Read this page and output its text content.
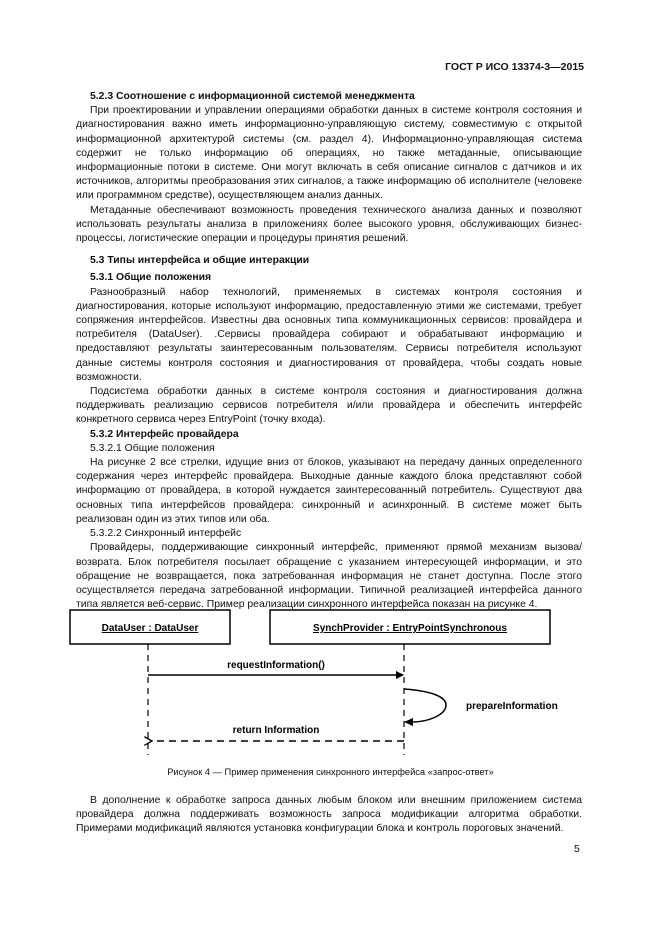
ГОСТ Р ИСО 13374-3—2015
5.2.3 Соотношение с информационной системой менеджмента

При проектировании и управлении операциями обработки данных в системе контроля состояния и диагностирования важно иметь информационно-управляющую систему, совместимую с открытой информационной архитектурой системы (см. раздел 4). Информационно-управляющая система содержит не только информацию об операциях, но также метаданные, описывающие информационные потоки в системе. Они могут включать в себя описание сигналов с датчиков и их источников, алгоритмы преобразования этих сигналов, а также информацию об исполнителе (человеке или программном средстве), осуществляющем анализ данных.

Метаданные обеспечивают возможность проведения технического анализа данных и позволяют использовать результаты анализа в приложениях более высокого уровня, обслуживающих бизнес-процессы, логистические операции и процедуры принятия решений.

5.3 Типы интерфейса и общие интеракции
5.3.1 Общие положения

Разнообразный набор технологий, применяемых в системах контроля состояния и диагностирования, которые используют информацию, предоставленную этими же системами, требует сопряжения интерфейсов. Известны два основных типа коммуникационных сервисов: провайдера и потребителя (DataUser). .Сервисы провайдера собирают и обрабатывают информацию и предоставляют результаты заинтересованным пользователям. Сервисы потребителя используют данные системы контроля состояния и диагностирования от провайдера, чтобы создать новые возможности.

Подсистема обработки данных в системе контроля состояния и диагностирования должна поддерживать реализацию сервисов потребителя и/или провайдера и обеспечить интерфейс конкретного сервиса через EntryPoint (точку входа).

5.3.2 Интерфейс провайдера
5.3.2.1 Общие положения

На рисунке 2 все стрелки, идущие вниз от блоков, указывают на передачу данных определенного содержания через интерфейс провайдера. Выходные данные каждого блока представляют собой информацию от провайдера, в которой нуждается заинтересованный потребитель. Существуют два основных типа интерфейсов провайдера: синхронный и асинхронный. В системе может быть реализован один из этих типов или оба.

5.3.2.2 Синхронный интерфейс

Провайдеры, поддерживающие синхронный интерфейс, применяют прямой механизм вызова/возврата. Блок потребителя посылает обращение с указанием интересующей информации, и это обращение не возвращается, пока затребованная информация не станет доступна. После этого осуществляется передача затребованной информации. Типичной реализацией интерфейса данного типа является веб-сервис. Пример реализации синхронного интерфейса показан на рисунке 4.

DataUser : DataUser	SynchProvider : EntryPointSynchronous
requestInformation()
prepareInformation
return Information
Рисунок 4 — Пример применения синхронного интерфейса «запрос-ответ»

В дополнение к обработке запроса данных любым блоком или внешним приложением система провайдера должна поддерживать возможность запроса модификации алгоритма обработки. Примерами модификаций являются установка конфигурации блока и контроль пороговых значений.

5
